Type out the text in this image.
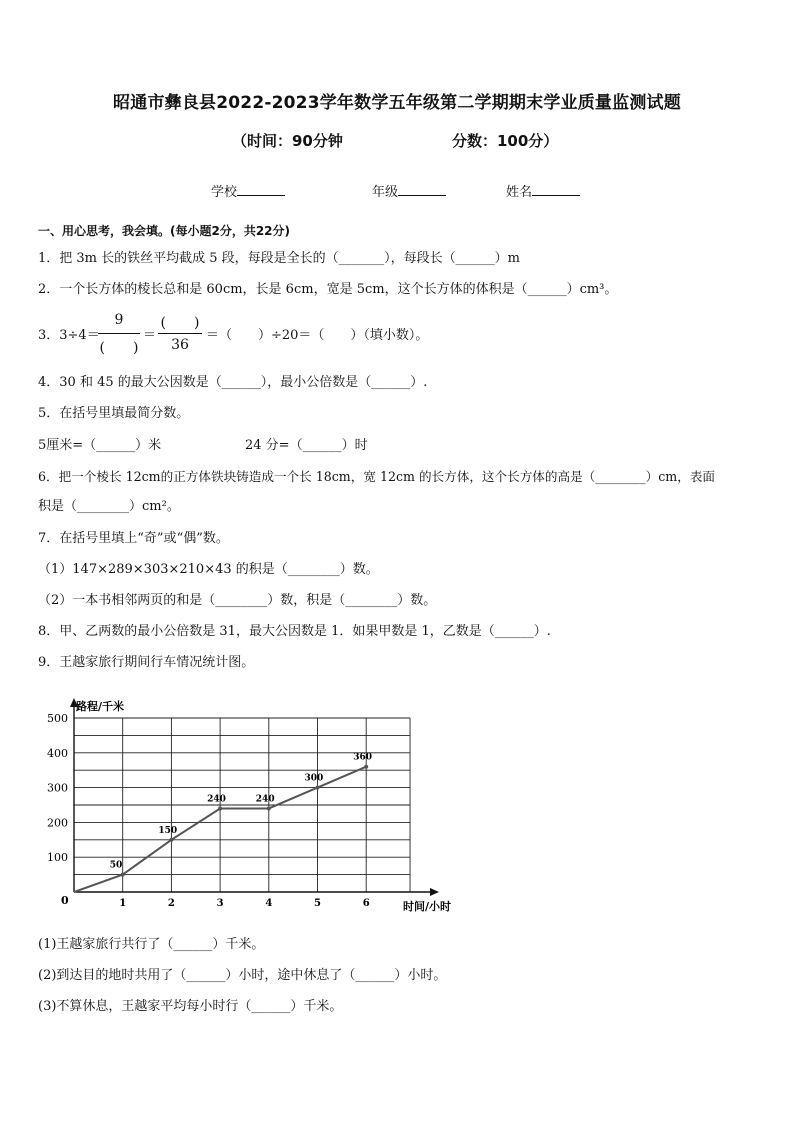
昭通市彝良县2022-2023学年数学五年级第二学期期末学业质量监测试题
（时间：90分钟	分数：100分）
学校	年级	姓名
一、用心思考，我会填。(每小题2分，共22分)
1．把 3m 长的铁丝平均截成 5 段，每段是全长的（_______），每段长（______）m
2．一个长方体的棱长总和是 60cm，长是 6cm，宽是 5cm，这个长方体的体积是（______）cm³。
3．3÷4＝
9
(　　)
＝
(　　)
36
＝（　　）÷20＝（　　）（填小数）。
4．30 和 45 的最大公因数是（______），最小公倍数是（______）.
5．在括号里填最简分数。
5厘米=（______）米	24 分=（______）时
6．把一个棱长 12cm的正方体铁块铸造成一个长 18cm，宽 12cm 的长方体，这个长方体的高是（________）cm，表面
积是（________）cm²。
7．在括号里填上“奇”或“偶”数。
（1）147×289×303×210×43 的积是（________）数。
（2）一本书相邻两页的和是（________）数，积是（________）数。
8．甲、乙两数的最小公倍数是 31，最大公因数是 1．如果甲数是 1，乙数是（______）.
9．王越家旅行期间行车情况统计图。
路程/千米
时间/小时
0
100
200
300
400
500
1	2	3	4	5	6
50
150
240	240
300
360
(1)王越家旅行共行了（______）千米。
(2)到达目的地时共用了（______）小时，途中休息了（______）小时。
(3)不算休息，王越家平均每小时行（______）千米。
